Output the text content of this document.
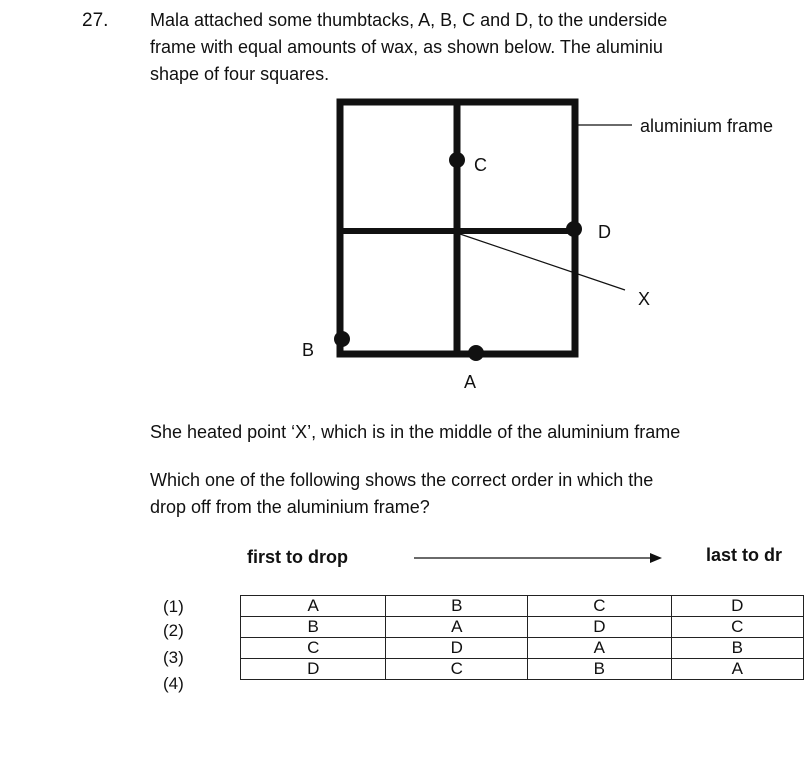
27. Mala attached some thumbtacks, A, B, C and D, to the underside
frame with equal amounts of wax, as shown below. The aluminiu
shape of four squares.
aluminium frame
C
D
X
B
A
She heated point ‘X’, which is in the middle of the aluminium frame
Which one of the following shows the correct order in which the
drop off from the aluminium frame?
first to drop	last to dr
(1)
(2)
(3)
(4)
A	B	C	D
B	A	D	C
C	D	A	B
D	C	B	A
